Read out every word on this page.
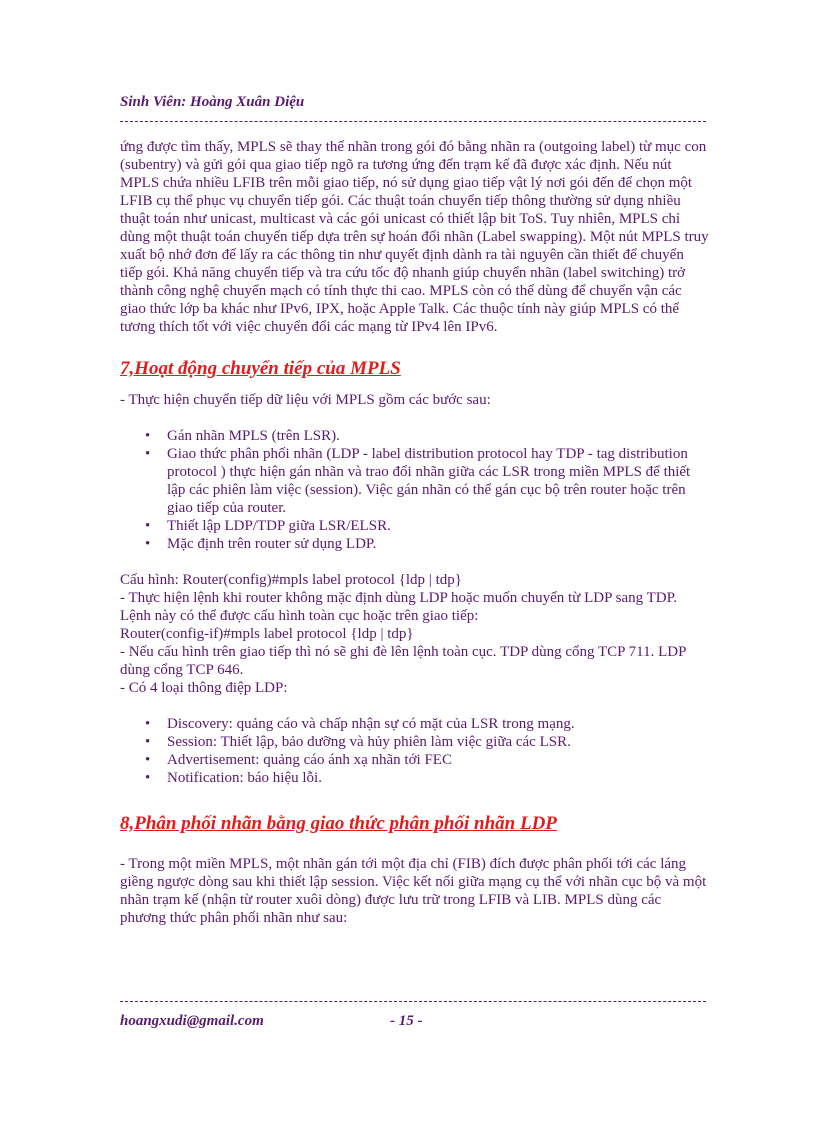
Sinh Viên: Hoàng Xuân Diệu

ứng được tìm thấy, MPLS sẽ thay thế nhãn trong gói đó bằng nhãn ra (outgoing label) từ mục con (subentry) và gửi gói qua giao tiếp ngõ ra tương ứng đến trạm kế đã được xác định. Nếu nút MPLS chứa nhiều LFIB trên mỗi giao tiếp, nó sử dụng giao tiếp vật lý nơi gói đến để chọn một LFIB cụ thể phục vụ chuyển tiếp gói. Các thuật toán chuyển tiếp thông thường sử dụng nhiều thuật toán như unicast, multicast và các gói unicast có thiết lập bit ToS. Tuy nhiên, MPLS chỉ dùng một thuật toán chuyển tiếp dựa trên sự hoán đổi nhãn (Label swapping). Một nút MPLS truy xuất bộ nhớ đơn để lấy ra các thông tin như quyết định dành ra tài nguyên cần thiết để chuyển tiếp gói. Khả năng chuyển tiếp và tra cứu tốc độ nhanh giúp chuyển nhãn (label switching) trở thành công nghệ chuyển mạch có tính thực thi cao. MPLS còn có thể dùng để chuyển vận các giao thức lớp ba khác như IPv6, IPX, hoặc Apple Talk. Các thuộc tính này giúp MPLS có thể tương thích tốt với việc chuyển đổi các mạng từ IPv4 lên IPv6.

7,Hoạt động chuyển tiếp của MPLS

- Thực hiện chuyển tiếp dữ liệu với MPLS gồm các bước sau:

• Gán nhãn MPLS (trên LSR).
• Giao thức phân phối nhãn (LDP - label distribution protocol hay TDP - tag distribution protocol ) thực hiện gán nhãn và trao đổi nhãn giữa các LSR trong miền MPLS để thiết lập các phiên làm việc (session). Việc gán nhãn có thể gán cục bộ trên router hoặc trên giao tiếp của router.
• Thiết lập LDP/TDP giữa LSR/ELSR.
• Mặc định trên router sử dụng LDP.

Cấu hình: Router(config)#mpls label protocol {ldp | tdp}

- Thực hiện lệnh khi router không mặc định dùng LDP hoặc muốn chuyển từ LDP sang TDP. Lệnh này có thể được cấu hình toàn cục hoặc trên giao tiếp:

Router(config-if)#mpls label protocol {ldp | tdp}

- Nếu cấu hình trên giao tiếp thì nó sẽ ghi đè lên lệnh toàn cục. TDP dùng cổng TCP 711. LDP dùng cổng TCP 646.

- Có 4 loại thông điệp LDP:

• Discovery: quảng cáo và chấp nhận sự có mặt của LSR trong mạng.
• Session: Thiết lập, bảo dưỡng và hủy phiên làm việc giữa các LSR.
• Advertisement: quảng cáo ánh xạ nhãn tới FEC
• Notification: báo hiệu lỗi.
8,Phân phối nhãn bằng giao thức phân phối nhãn LDP

- Trong một miền MPLS, một nhãn gán tới một địa chỉ (FIB) đích được phân phối tới các láng giềng ngược dòng sau khi thiết lập session. Việc kết nối giữa mạng cụ thể với nhãn cục bộ và một nhãn trạm kế (nhận từ router xuôi dòng) được lưu trữ trong LFIB và LIB. MPLS dùng các phương thức phân phối nhãn như sau:

hoangxudi@gmail.com	- 15 -
